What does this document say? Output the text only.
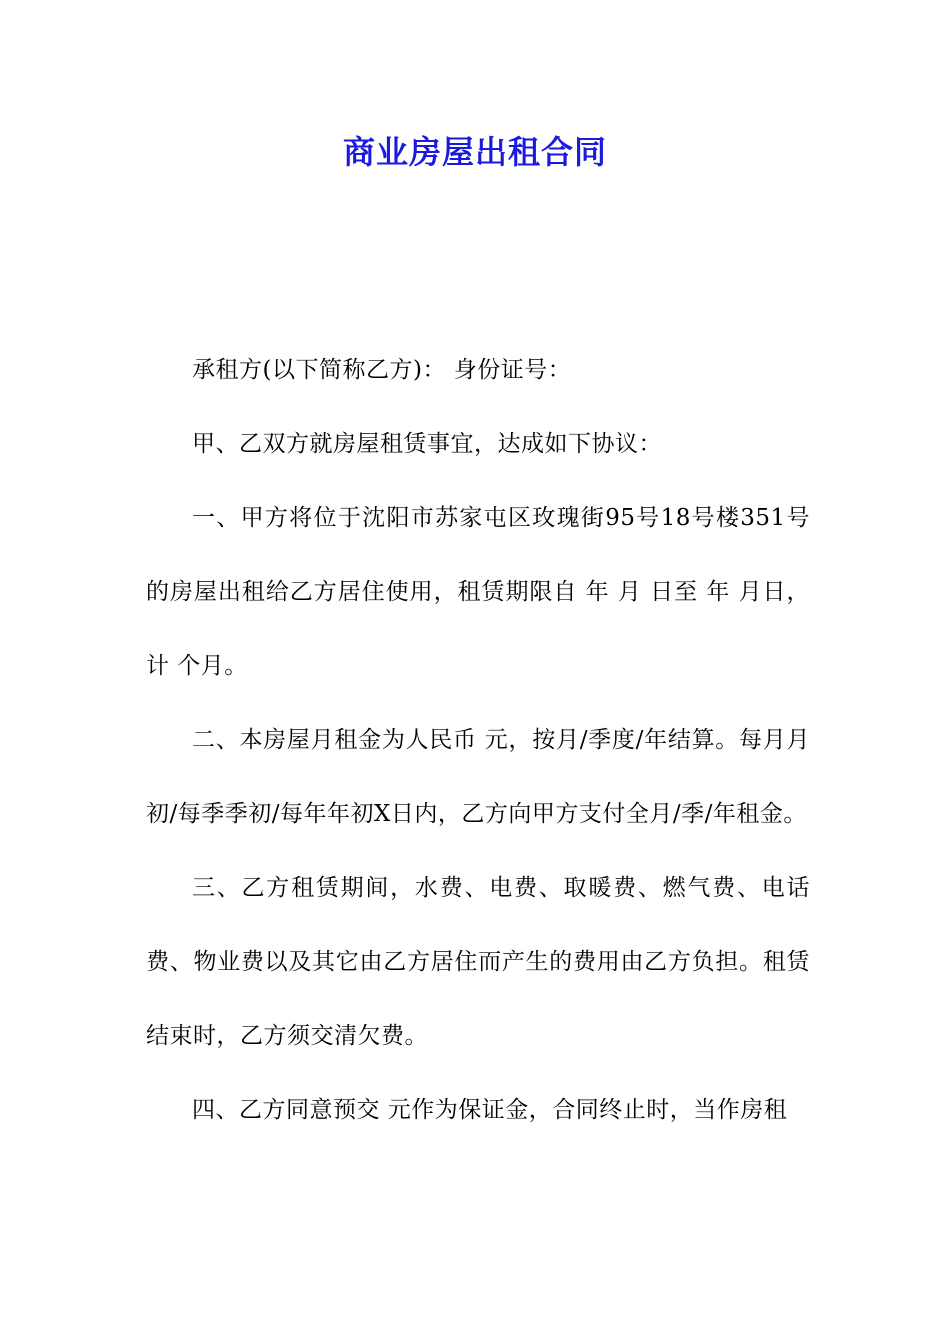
商业房屋出租合同

承租方(以下简称乙方)： 身份证号：

甲、乙双方就房屋租赁事宜，达成如下协议：

一、甲方将位于沈阳市苏家屯区玫瑰街95号18号楼351号的房屋出租给乙方居住使用，租赁期限自 年 月 日至 年 月日，计 个月。

二、本房屋月租金为人民币 元，按月/季度/年结算。每月月初/每季季初/每年年初X日内，乙方向甲方支付全月/季/年租金。

三、乙方租赁期间，水费、电费、取暖费、燃气费、电话费、物业费以及其它由乙方居住而产生的费用由乙方负担。租赁结束时，乙方须交清欠费。

四、乙方同意预交 元作为保证金，合同终止时，当作房租
